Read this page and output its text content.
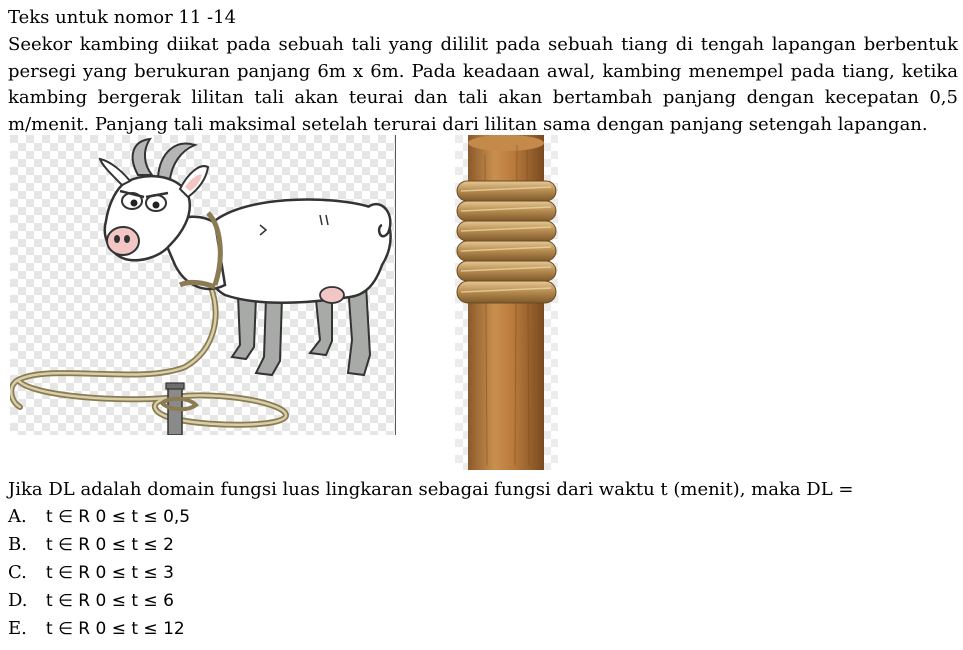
Teks untuk nomor 11 -14
Seekor kambing diikat pada sebuah tali yang dililit pada sebuah tiang di tengah lapangan berbentuk persegi yang berukuran panjang 6m x 6m. Pada keadaan awal, kambing menempel pada tiang, ketika kambing bergerak lilitan tali akan teurai dan tali akan bertambah panjang dengan kecepatan 0,5 m/menit. Panjang tali maksimal setelah terurai dari lilitan sama dengan panjang setengah lapangan.
Jika DL adalah domain fungsi luas lingkaran sebagai fungsi dari waktu t (menit), maka DL =
A. t ∈ R 0 ≤ t ≤ 0,5
B. t ∈ R 0 ≤ t ≤ 2
C. t ∈ R 0 ≤ t ≤ 3
D. t ∈ R 0 ≤ t ≤ 6
E. t ∈ R 0 ≤ t ≤ 12
